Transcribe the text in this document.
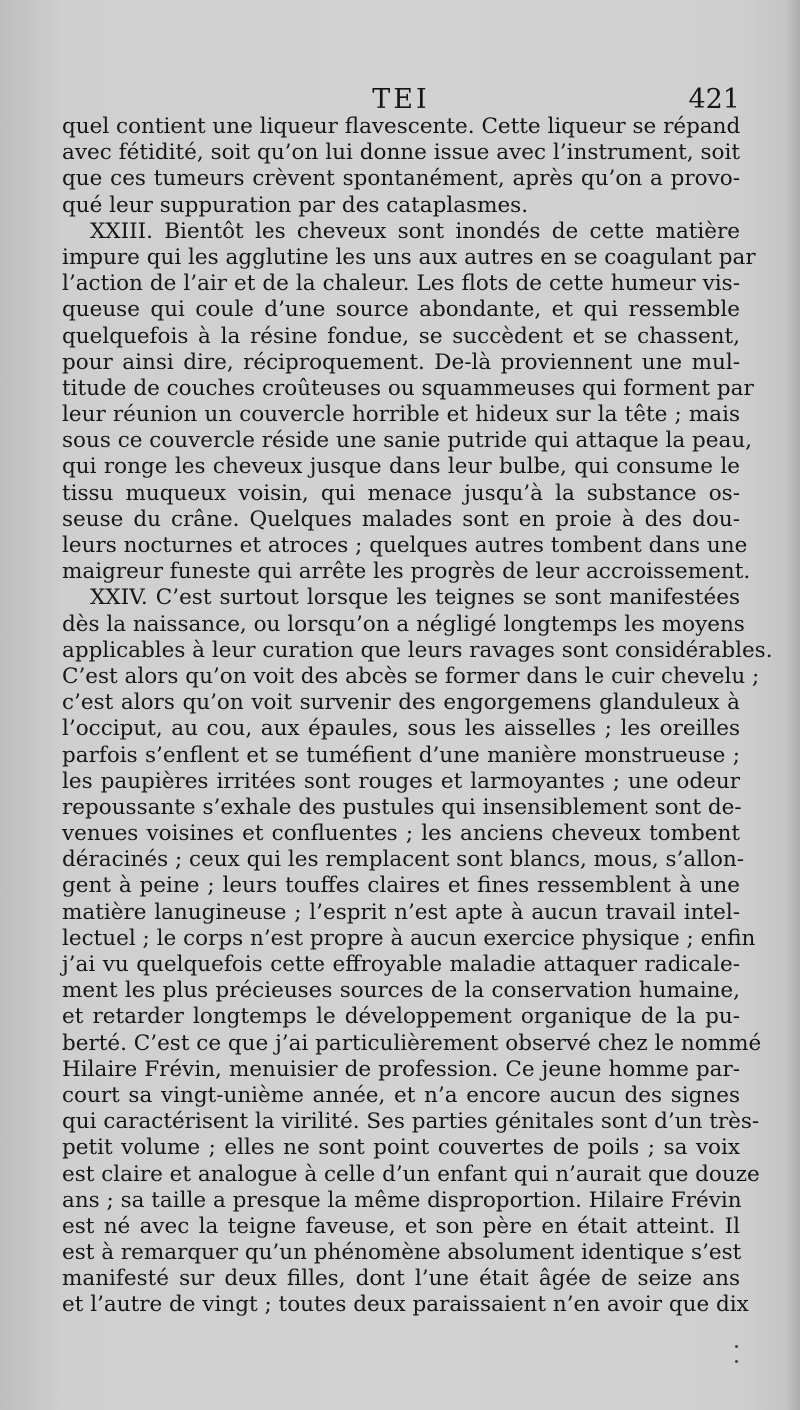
TEI	421
quel contient une liqueur flavescente. Cette liqueur se répand
avec fétidité, soit qu’on lui donne issue avec l’instrument, soit
que ces tumeurs crèvent spontanément, après qu’on a provo-
qué leur suppuration par des cataplasmes.
XXIII. Bientôt les cheveux sont inondés de cette matière
impure qui les agglutine les uns aux autres en se coagulant par
l’action de l’air et de la chaleur. Les flots de cette humeur vis-
queuse qui coule d’une source abondante, et qui ressemble
quelquefois à la résine fondue, se succèdent et se chassent,
pour ainsi dire, réciproquement. De-là proviennent une mul-
titude de couches croûteuses ou squammeuses qui forment par
leur réunion un couvercle horrible et hideux sur la tête ; mais
sous ce couvercle réside une sanie putride qui attaque la peau,
qui ronge les cheveux jusque dans leur bulbe, qui consume le
tissu muqueux voisin, qui menace jusqu’à la substance os-
seuse du crâne. Quelques malades sont en proie à des dou-
leurs nocturnes et atroces ; quelques autres tombent dans une
maigreur funeste qui arrête les progrès de leur accroissement.
XXIV. C’est surtout lorsque les teignes se sont manifestées
dès la naissance, ou lorsqu’on a négligé longtemps les moyens
applicables à leur curation que leurs ravages sont considérables.
C’est alors qu’on voit des abcès se former dans le cuir chevelu ;
c’est alors qu’on voit survenir des engorgemens glanduleux à
l’occiput, au cou, aux épaules, sous les aisselles ; les oreilles
parfois s’enflent et se tuméfient d’une manière monstrueuse ;
les paupières irritées sont rouges et larmoyantes ; une odeur
repoussante s’exhale des pustules qui insensiblement sont de-
venues voisines et confluentes ; les anciens cheveux tombent
déracinés ; ceux qui les remplacent sont blancs, mous, s’allon-
gent à peine ; leurs touffes claires et fines ressemblent à une
matière lanugineuse ; l’esprit n’est apte à aucun travail intel-
lectuel ; le corps n’est propre à aucun exercice physique ; enfin
j’ai vu quelquefois cette effroyable maladie attaquer radicale-
ment les plus précieuses sources de la conservation humaine,
et retarder longtemps le développement organique de la pu-
berté. C’est ce que j’ai particulièrement observé chez le nommé
Hilaire Frévin, menuisier de profession. Ce jeune homme par-
court sa vingt-unième année, et n’a encore aucun des signes
qui caractérisent la virilité. Ses parties génitales sont d’un très-
petit volume ; elles ne sont point couvertes de poils ; sa voix
est claire et analogue à celle d’un enfant qui n’aurait que douze
ans ; sa taille a presque la même disproportion. Hilaire Frévin
est né avec la teigne faveuse, et son père en était atteint. Il
est à remarquer qu’un phénomène absolument identique s’est
manifesté sur deux filles, dont l’une était âgée de seize ans
et l’autre de vingt ; toutes deux paraissaient n’en avoir que dix
